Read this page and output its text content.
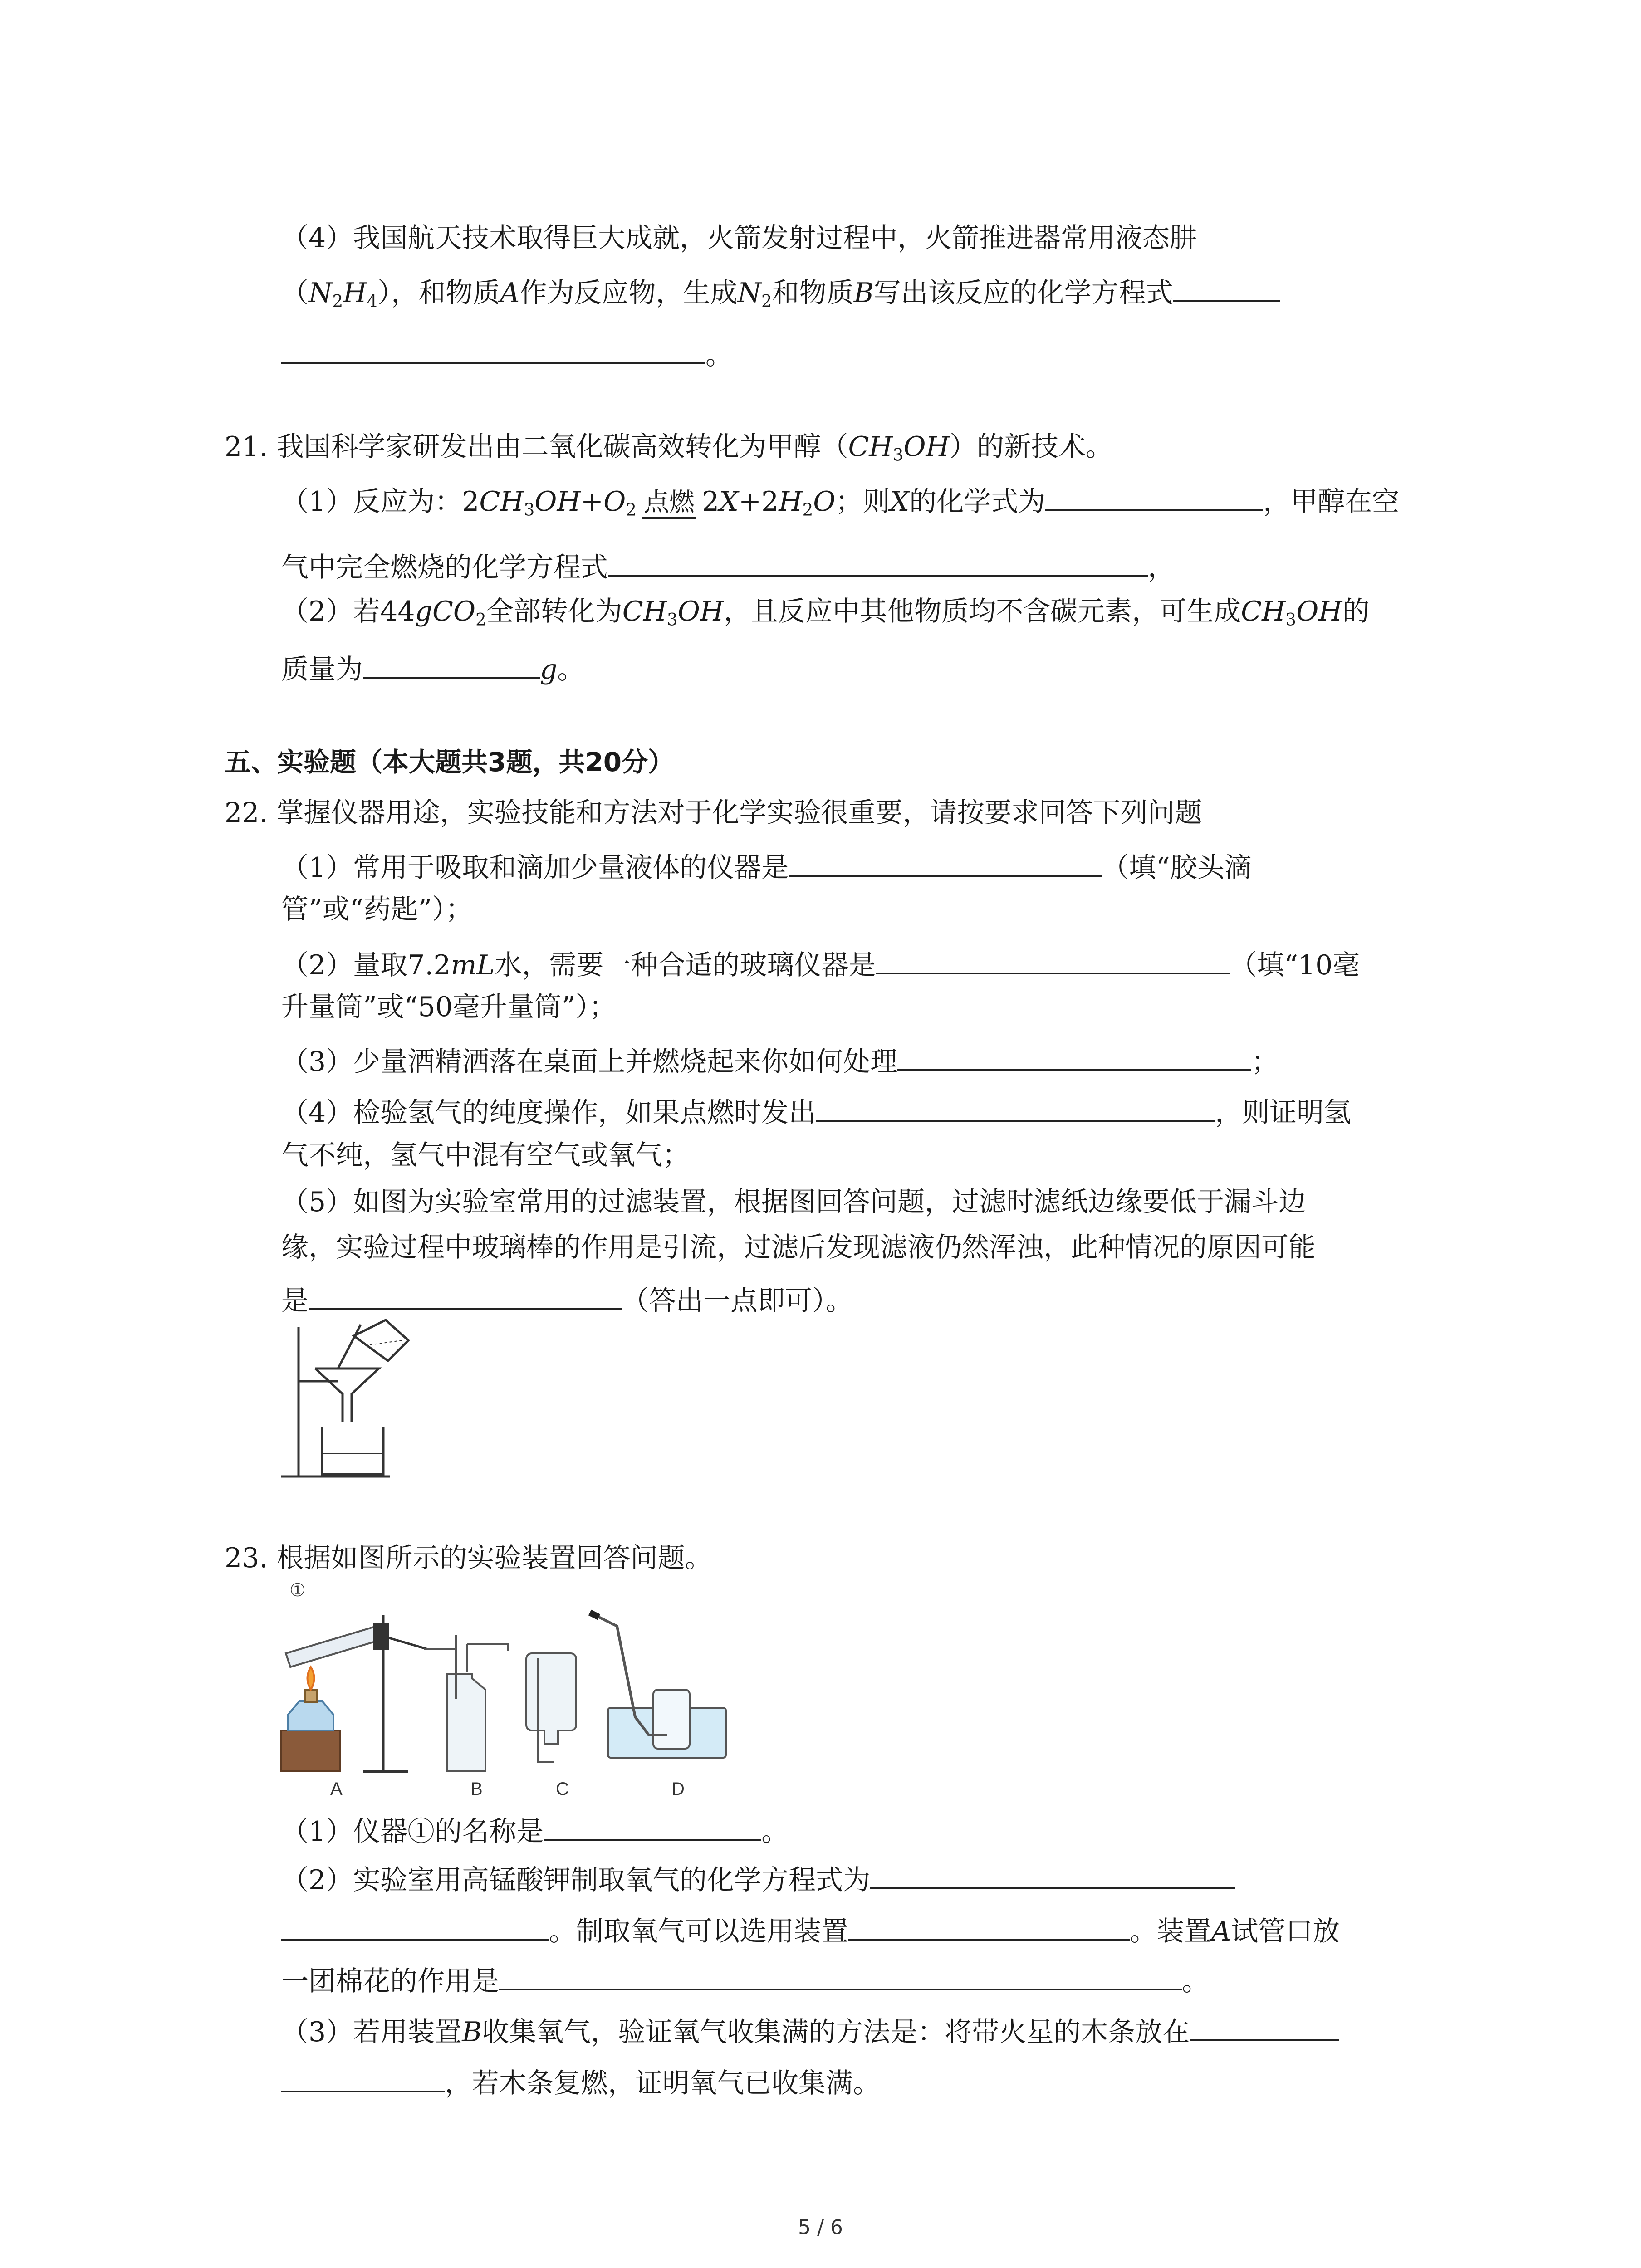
（4）我国航天技术取得巨大成就，火箭发射过程中，火箭推进器常用液态肼
$(N_2H_4)$，和物质A作为反应物，生成$N_2$和物质B写出该反应的化学方程式
。
21. 我国科学家研发出由二氧化碳高效转化为甲醇$(CH_3OH)$的新技术。
（1）反应为：$2CH_3OH+O_2$ 点燃 $2X+2H_2O$；则X的化学式为	，甲醇在空
气中完全燃烧的化学方程式	，
（2）若44gCO$_2$全部转化为$CH_3OH$，且反应中其他物质均不含碳元素，可生成$CH_3OH$的
质量为	g。
五、实验题（本大题共3题，共20分）
22. 掌握仪器用途，实验技能和方法对于化学实验很重要，请按要求回答下列问题
（1）常用于吸取和滴加少量液体的仪器是	（填“胶头滴
管”或“药匙”）；
（2）量取7.2mL水，需要一种合适的玻璃仪器是	（填“10毫
升量筒”或“50毫升量筒”）；
（3）少量酒精洒落在桌面上并燃烧起来你如何处理	；
（4）检验氢气的纯度操作，如果点燃时发出	，则证明氢
气不纯，氢气中混有空气或氧气；
（5）如图为实验室常用的过滤装置，根据图回答问题，过滤时滤纸边缘要低于漏斗边
缘，实验过程中玻璃棒的作用是引流，过滤后发现滤液仍然浑浊，此种情况的原因可能
是	（答出一点即可）。
23. 根据如图所示的实验装置回答问题。
①
A	B	C	D
（1）仪器①的名称是	。
（2）实验室用高锰酸钾制取氧气的化学方程式为
。制取氧气可以选用装置	。装置A试管口放
一团棉花的作用是	。
（3）若用装置B收集氧气，验证氧气收集满的方法是：将带火星的木条放在
，若木条复燃，证明氧气已收集满。
5 / 6
